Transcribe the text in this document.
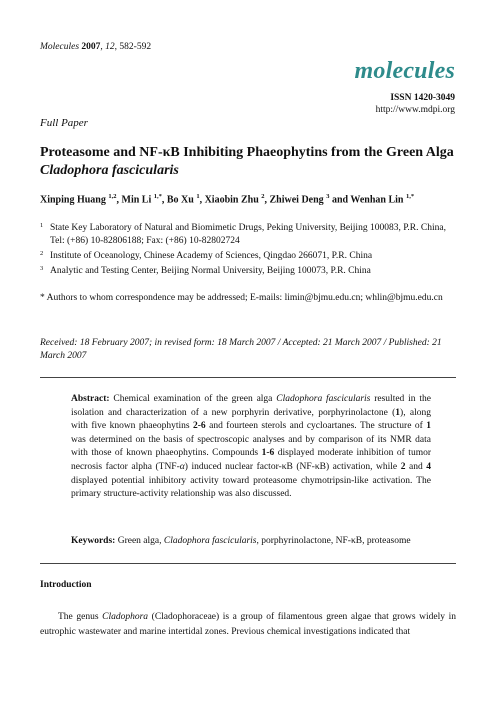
Molecules 2007, 12, 582-592
molecules
ISSN 1420-3049
http://www.mdpi.org
Full Paper
Proteasome and NF-κB Inhibiting Phaeophytins from the Green Alga Cladophora fascicularis
Xinping Huang $^{1,2}$, Min Li $^{1,*}$, Bo Xu $^1$, Xiaobin Zhu $^2$, Zhiwei Deng $^3$ and Wenhan Lin $^{1,*}$
1 State Key Laboratory of Natural and Biomimetic Drugs, Peking University, Beijing 100083, P.R. China, Tel: (+86) 10-82806188; Fax: (+86) 10-82802724
2 Institute of Oceanology, Chinese Academy of Sciences, Qingdao 266071, P.R. China
3 Analytic and Testing Center, Beijing Normal University, Beijing 100073, P.R. China
* Authors to whom correspondence may be addressed; E-mails: limin@bjmu.edu.cn; whlin@bjmu.edu.cn
Received: 18 February 2007; in revised form: 18 March 2007 / Accepted: 21 March 2007 / Published: 21 March 2007
Abstract: Chemical examination of the green alga Cladophora fascicularis resulted in the isolation and characterization of a new porphyrin derivative, porphyrinolactone (1), along with five known phaeophytins 2-6 and fourteen sterols and cycloartanes. The structure of 1 was determined on the basis of spectroscopic analyses and by comparison of its NMR data with those of known phaeophytins. Compounds 1-6 displayed moderate inhibition of tumor necrosis factor alpha (TNF-α) induced nuclear factor-κB (NF-κB) activation, while 2 and 4 displayed potential inhibitory activity toward proteasome chymotripsin-like activation. The primary structure-activity relationship was also discussed.
Keywords: Green alga, Cladophora fascicularis, porphyrinolactone, NF-κB, proteasome
Introduction
The genus Cladophora (Cladophoraceae) is a group of filamentous green algae that grows widely in eutrophic wastewater and marine intertidal zones. Previous chemical investigations indicated that
